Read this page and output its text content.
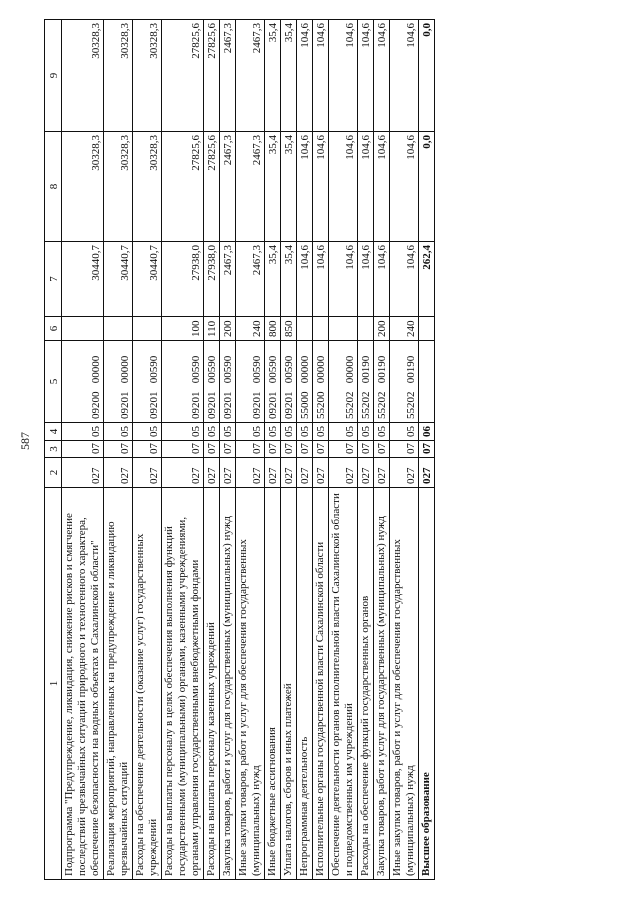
587
1	2	3	4	5	6	7	8	9
Подпрограмма "Предупреждение, ликвидация, снижение рисков и смягчение последствий чрезвычайных ситуаций природного и техногенного характера, обеспечение безопасности на водных объектах в Сахалинской области"	027	07	05	09200   00000		30440,7	30328,3	30328,3
Реализация мероприятий, направленных на предупреждение и ликвидацию чрезвычайных ситуаций	027	07	05	09201   00000		30440,7	30328,3	30328,3
Расходы на обеспечение деятельности (оказание услуг) государственных учреждений	027	07	05	09201   00590		30440,7	30328,3	30328,3
Расходы на выплаты персоналу в целях обеспечения выполнения функций государственными (муниципальными) органами, казенными учреждениями, органами управления государственными внебюджетными фондами	027	07	05	09201   00590	100	27938,0	27825,6	27825,6
Расходы на выплаты персоналу казенных учреждений	027	07	05	09201   00590	110	27938,0	27825,6	27825,6
Закупка товаров, работ и услуг для государственных (муниципальных) нужд	027	07	05	09201   00590	200	2467,3	2467,3	2467,3
Иные закупки товаров, работ и услуг для обеспечения государственных (муниципальных) нужд	027	07	05	09201   00590	240	2467,3	2467,3	2467,3
Иные бюджетные ассигнования	027	07	05	09201   00590	800	35,4	35,4	35,4
Уплата налогов, сборов и иных платежей	027	07	05	09201   00590	850	35,4	35,4	35,4
Непрограммная деятельность	027	07	05	55000   00000		104,6	104,6	104,6
Исполнительные органы государственной власти Сахалинской области	027	07	05	55200   00000		104,6	104,6	104,6
Обеспечение деятельности органов исполнительной власти Сахалинской области и подведомственных им учреждений	027	07	05	55202   00000		104,6	104,6	104,6
Расходы на обеспечение функций государственных органов	027	07	05	55202   00190		104,6	104,6	104,6
Закупка товаров, работ и услуг для государственных (муниципальных) нужд	027	07	05	55202   00190	200	104,6	104,6	104,6
Иные закупки товаров, работ и услуг для обеспечения государственных (муниципальных) нужд	027	07	05	55202   00190	240	104,6	104,6	104,6
Высшее образование	027	07	06			262,4	0,0	0,0
